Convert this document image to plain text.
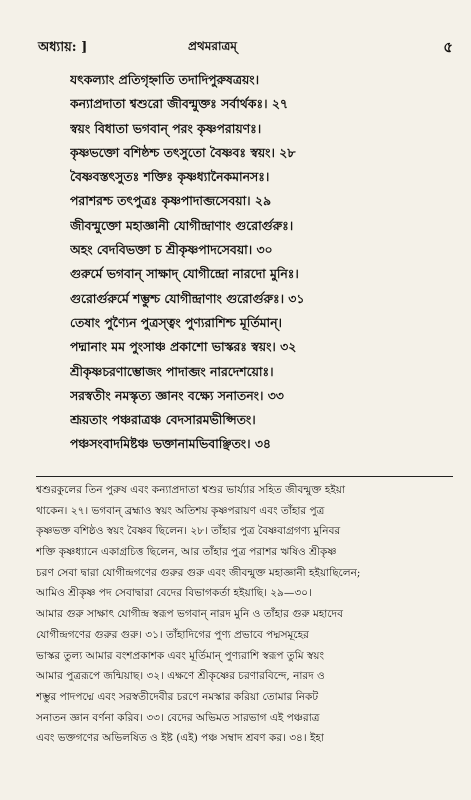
অধ্যায়: ]	প্রথমরাত্রম্	৫
যৎকল্যাং প্রতিগৃহ্নাতি তদাদিপুরুষত্রয়ং।
কন্যাপ্রদাতা শ্বশুরো জীবন্মুক্তঃ সর্বার্থকঃ। ২৭
স্বয়ং বিধাতা ভগবান্ পরং কৃষ্ণপরায়ণঃ।
কৃষ্ণভক্তো বশিষ্ঠশ্চ তৎসুতো বৈষ্ণবঃ স্বয়ং। ২৮
বৈষ্ণবস্তৎসুতঃ শক্তিঃ কৃষ্ণধ্যানৈকমানসঃ।
পরাশরশ্চ তৎপুত্রঃ কৃষ্ণপাদাব্জসেবয়া। ২৯
জীবন্মুক্তো মহাজ্ঞানী যোগীন্দ্রাণাং গুরোর্গুরুঃ।
অহং বেদবিভক্তা চ শ্রীকৃষ্ণপাদসেবয়া। ৩০
গুরুর্মে ভগবান্ সাক্ষাদ্ যোগীন্দ্রো নারদো মুনিঃ।
গুরোর্গুরুর্মে শম্ভুশ্চ যোগীন্দ্রাণাং গুরোর্গুরুঃ। ৩১
তেষাং পুণ্যৈন পুত্রস্ত্বং পুণ্যরাশিশ্চ মূর্তিমান্।
পদ্মানাং মম পুংসাঞ্চ প্রকাশো ভাস্করঃ স্বয়ং। ৩২
শ্রীকৃষ্ণচরণাম্ভোজং পাদাব্জং নারদেশয়োঃ।
সরস্বতীং নমস্কৃত্য জ্ঞানং বক্ষ্যে সনাতনং। ৩৩
শ্রূয়তাং পঞ্চরাত্রঞ্চ বেদসারমভীপ্সিতং।
পঞ্চসংবাদমিষ্টঞ্চ ভক্তানামভিবাঞ্ছিতং। ৩৪
শ্বশুরকুলের তিন পুরুষ এবং কন্যাপ্রদাতা শ্বশুর ভার্য্যার সহিত জীবন্মুক্ত হইয়া
থাকেন। ২৭। ভগবান্ ব্রহ্মাও স্বয়ং অতিশয় কৃষ্ণপরায়ণ এবং তাঁহার পুত্র
কৃষ্ণভক্ত বশিষ্ঠও স্বয়ং বৈষ্ণব ছিলেন। ২৮। তাঁহার পুত্র বৈষ্ণবাগ্রগণ্য মুনিবর
শক্তি কৃষ্ণধ্যানে একাগ্রচিত্ত ছিলেন, আর তাঁহার পুত্র পরাশর ঋষিও শ্রীকৃষ্ণ
চরণ সেবা দ্বারা যোগীন্দ্রগণের গুরুর গুরু এবং জীবন্মুক্ত মহাজ্ঞানী হইয়াছিলেন;
আমিও শ্রীকৃষ্ণ পদ সেবাদ্বারা বেদের বিভাগকর্তা হইয়াছি। ২৯—৩০।
আমার গুরু সাক্ষাৎ যোগীন্দ্র স্বরূপ ভগবান্ নারদ মুনি ও তাঁহার গুরু মহাদেব
যোগীন্দ্রগণের গুরুর গুরু। ৩১। তাঁহাদিগের পুণ্য প্রভাবে পদ্মসমূহের
ভাস্কর তুল্য আমার বংশপ্রকাশক এবং মূর্তিমান্ পুণ্যরাশি স্বরূপ তুমি স্বয়ং
আমার পুত্ররূপে জন্মিয়াছ। ৩২। এক্ষণে শ্রীকৃষ্ণের চরণারবিন্দে, নারদ ও
শম্ভুর পাদপদ্মে এবং সরস্বতীদেবীর চরণে নমস্কার করিয়া তোমার নিকট
সনাতন জ্ঞান বর্ণনা করিব। ৩৩। বেদের অভিমত সারভাগ এই পঞ্চরাত্র
এবং ভক্তগণের অভিলষিত ও ইষ্ট (এই) পঞ্চ সম্বাদ শ্রবণ কর। ৩৪। ইহা
